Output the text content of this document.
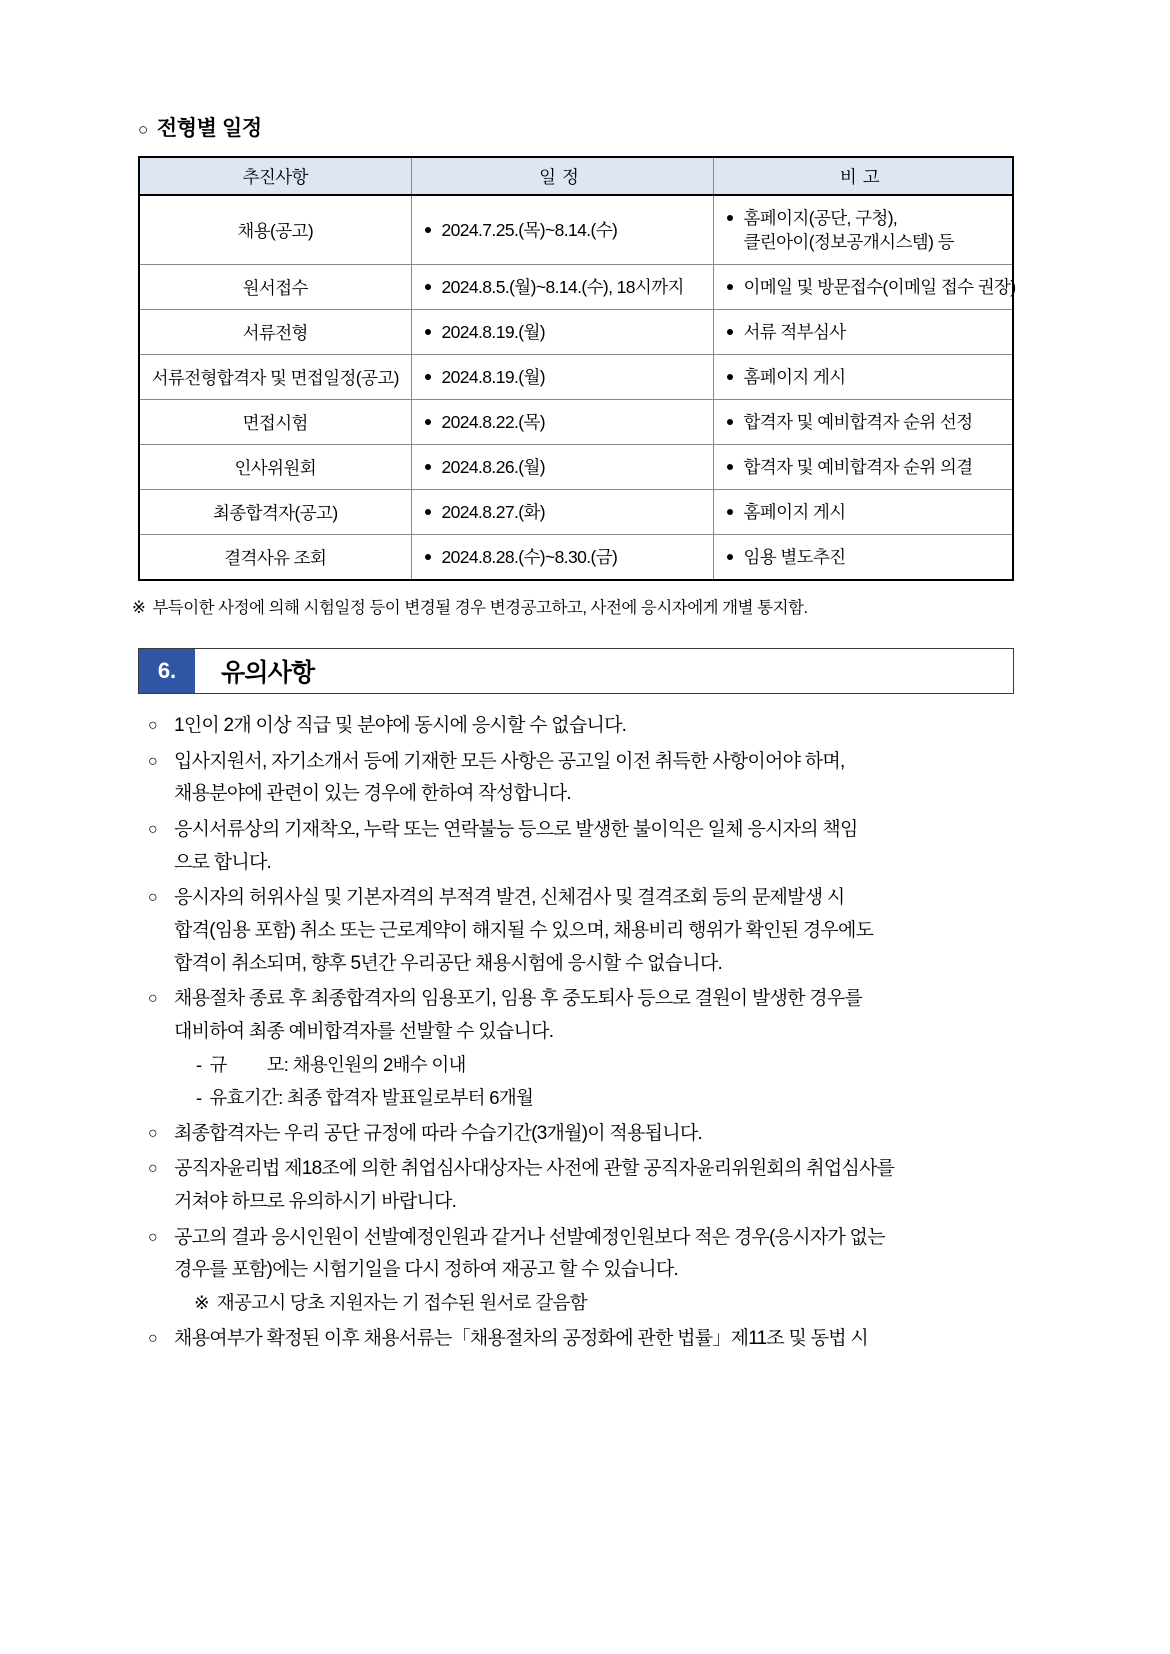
○ 전형별 일정
추진사항	일정	비고
채용(공고)	2024.7.25.(목)~8.14.(수)	홈페이지(공단, 구청),
클린아이(정보공개시스템) 등

원서접수	2024.8.5.(월)~8.14.(수), 18시까지	이메일 및 방문접수(이메일 접수 권장)

서류전형	2024.8.19.(월)	서류 적부심사

서류전형합격자 및 면접일정(공고)	2024.8.19.(월)	홈페이지 게시

면접시험	2024.8.22.(목)	합격자 및 예비합격자 순위 선정

인사위원회	2024.8.26.(월)	합격자 및 예비합격자 순위 의결

최종합격자(공고)	2024.8.27.(화)	홈페이지 게시

결격사유 조회	2024.8.28.(수)~8.30.(금)	임용 별도추진

※ 부득이한 사정에 의해 시험일정 등이 변경될 경우 변경공고하고, 사전에 응시자에게 개별 통지함.

6.	유의사항
○ 1인이 2개 이상 직급 및 분야에 동시에 응시할 수 없습니다.

○ 입사지원서, 자기소개서 등에 기재한 모든 사항은 공고일 이전 취득한 사항이어야 하며,

채용분야에 관련이 있는 경우에 한하여 작성합니다.

○ 응시서류상의 기재착오, 누락 또는 연락불능 등으로 발생한 불이익은 일체 응시자의 책임

으로 합니다.

○ 응시자의 허위사실 및 기본자격의 부적격 발견, 신체검사 및 결격조회 등의 문제발생 시

합격(임용 포함) 취소 또는 근로계약이 해지될 수 있으며, 채용비리 행위가 확인된 경우에도

합격이 취소되며, 향후 5년간 우리공단 채용시험에 응시할 수 없습니다.

○ 채용절차 종료 후 최종합격자의 임용포기, 임용 후 중도퇴사 등으로 결원이 발생한 경우를

대비하여 최종 예비합격자를 선발할 수 있습니다.

- 규 모: 채용인원의 2배수 이내
- 유효기간: 최종 합격자 발표일로부터 6개월
○ 최종합격자는 우리 공단 규정에 따라 수습기간(3개월)이 적용됩니다.

○ 공직자윤리법 제18조에 의한 취업심사대상자는 사전에 관할 공직자윤리위원회의 취업심사를

거쳐야 하므로 유의하시기 바랍니다.

○ 공고의 결과 응시인원이 선발예정인원과 같거나 선발예정인원보다 적은 경우(응시자가 없는

경우를 포함)에는 시험기일을 다시 정하여 재공고 할 수 있습니다.

※ 재공고시 당초 지원자는 기 접수된 원서로 갈음함
○ 채용여부가 확정된 이후 채용서류는「채용절차의 공정화에 관한 법률」제11조 및 동법 시
